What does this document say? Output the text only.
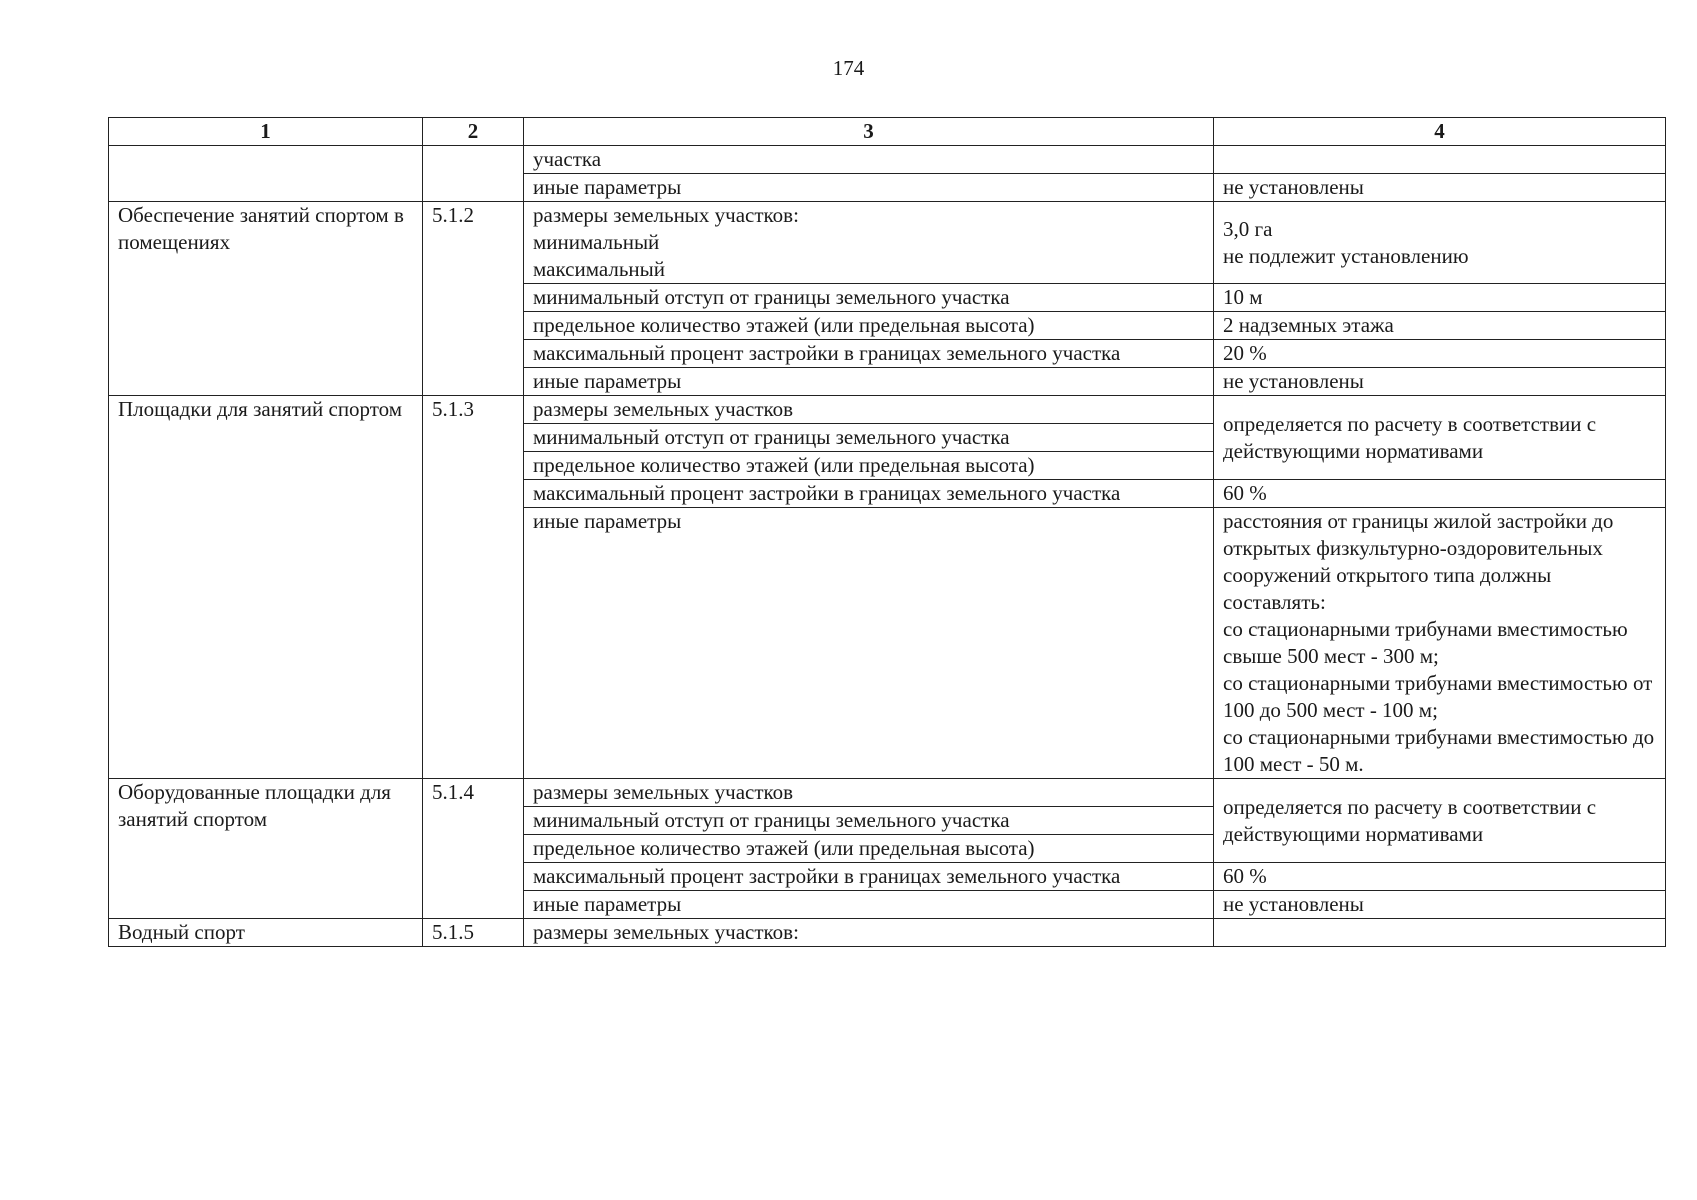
174
1	2	3	4
		участка	
		иные параметры	не установлены
Обеспечение занятий спортом в помещениях	5.1.2	размеры земельных участков:
минимальный
максимальный	3,0 га
не подлежит установлению
		минимальный отступ от границы земельного участка	10 м
		предельное количество этажей (или предельная высота)	2 надземных этажа
		максимальный процент застройки в границах земельного участка	20 %
		иные параметры	не установлены
Площадки для занятий спортом	5.1.3	размеры земельных участков	определяется по расчету в соответствии с действующими нормативами
		минимальный отступ от границы земельного участка	
		предельное количество этажей (или предельная высота)	
		максимальный процент застройки в границах земельного участка	60 %
		иные параметры	расстояния от границы жилой застройки до открытых физкультурно-оздоровительных сооружений открытого типа должны составлять:
со стационарными трибунами вместимостью свыше 500 мест - 300 м;
со стационарными трибунами вместимостью от 100 до 500 мест - 100 м;
со стационарными трибунами вместимостью до 100 мест - 50 м.
Оборудованные площадки для занятий спортом	5.1.4	размеры земельных участков	определяется по расчету в соответствии с действующими нормативами
		минимальный отступ от границы земельного участка	
		предельное количество этажей (или предельная высота)	
		максимальный процент застройки в границах земельного участка	60 %
		иные параметры	не установлены
Водный спорт	5.1.5	размеры земельных участков:	
